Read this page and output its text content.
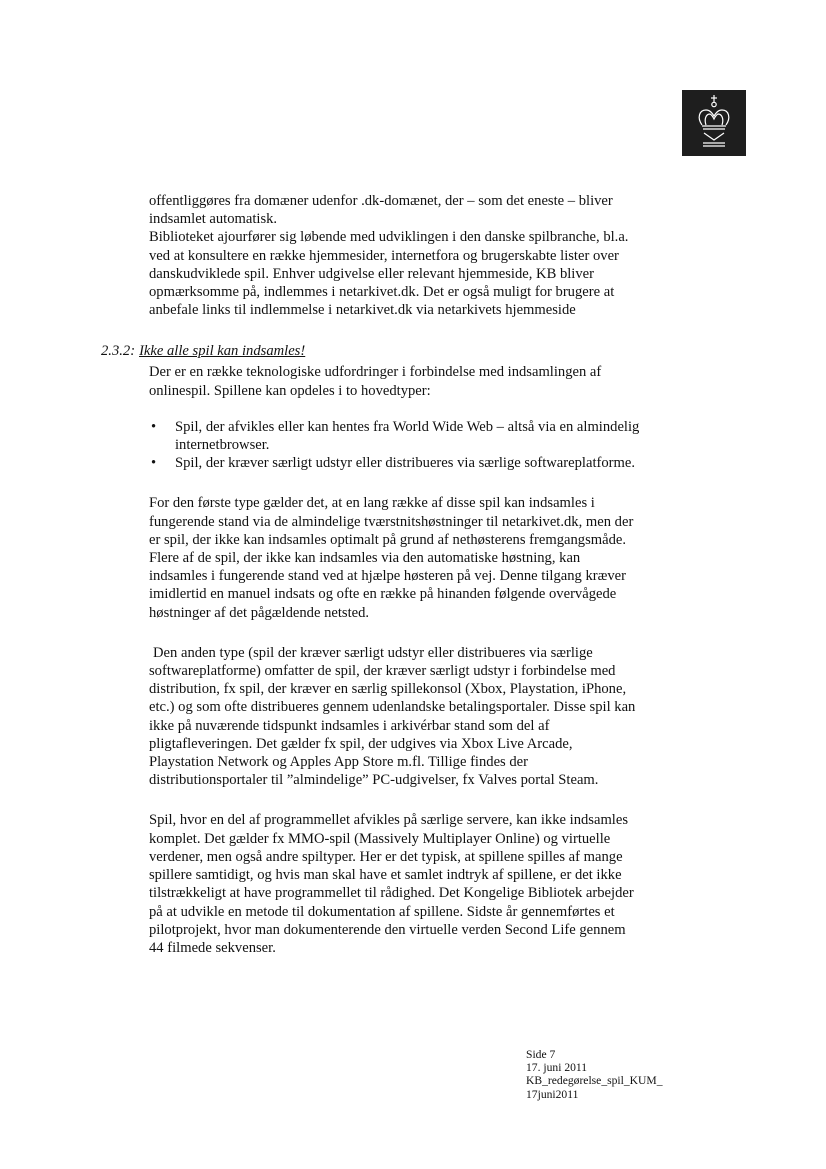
offentliggøres fra domæner udenfor .dk-domænet, der – som det eneste – bliver
indsamlet automatisk.
Biblioteket ajourfører sig løbende med udviklingen i den danske spilbranche, bl.a.
ved at konsultere en række hjemmesider, internetfora og brugerskabte lister over
danskudviklede spil. Enhver udgivelse eller relevant hjemmeside, KB bliver
opmærksomme på, indlemmes i netarkivet.dk. Det er også muligt for brugere at
anbefale links til indlemmelse i netarkivet.dk via netarkivets hjemmeside

Der er en række teknologiske udfordringer i forbindelse med indsamlingen af
onlinespil. Spillene kan opdeles i to hovedtyper:

• Spil, der afvikles eller kan hentes fra World Wide Web – altså via en almindelig
internetbrowser.
• Spil, der kræver særligt udstyr eller distribueres via særlige softwareplatforme.

For den første type gælder det, at en lang række af disse spil kan indsamles i
fungerende stand via de almindelige tværstnitshøstninger til netarkivet.dk, men der
er spil, der ikke kan indsamles optimalt på grund af nethøsterens fremgangsmåde.
Flere af de spil, der ikke kan indsamles via den automatiske høstning, kan
indsamles i fungerende stand ved at hjælpe høsteren på vej. Denne tilgang kræver
imidlertid en manuel indsats og ofte en række på hinanden følgende overvågede
høstninger af det pågældende netsted.

Den anden type (spil der kræver særligt udstyr eller distribueres via særlige
softwareplatforme) omfatter de spil, der kræver særligt udstyr i forbindelse med
distribution, fx spil, der kræver en særlig spillekonsol (Xbox, Playstation, iPhone,
etc.) og som ofte distribueres gennem udenlandske betalingsportaler. Disse spil kan
ikke på nuværende tidspunkt indsamles i arkivérbar stand som del af
pligtafleveringen. Det gælder fx spil, der udgives via Xbox Live Arcade,
Playstation Network og Apples App Store m.fl. Tillige findes der
distributionsportaler til ”almindelige” PC-udgivelser, fx Valves portal Steam.

Spil, hvor en del af programmellet afvikles på særlige servere, kan ikke indsamles
komplet. Det gælder fx MMO-spil (Massively Multiplayer Online) og virtuelle
verdener, men også andre spiltyper. Her er det typisk, at spillene spilles af mange
spillere samtidigt, og hvis man skal have et samlet indtryk af spillene, er det ikke
tilstrækkeligt at have programmellet til rådighed. Det Kongelige Bibliotek arbejder
på at udvikle en metode til dokumentation af spillene. Sidste år gennemførtes et
pilotprojekt, hvor man dokumenterende den virtuelle verden Second Life gennem
44 filmede sekvenser.

2.3.2: Ikke alle spil kan indsamles!
Side 7
17. juni 2011
KB_redegørelse_spil_KUM_
17juni2011
